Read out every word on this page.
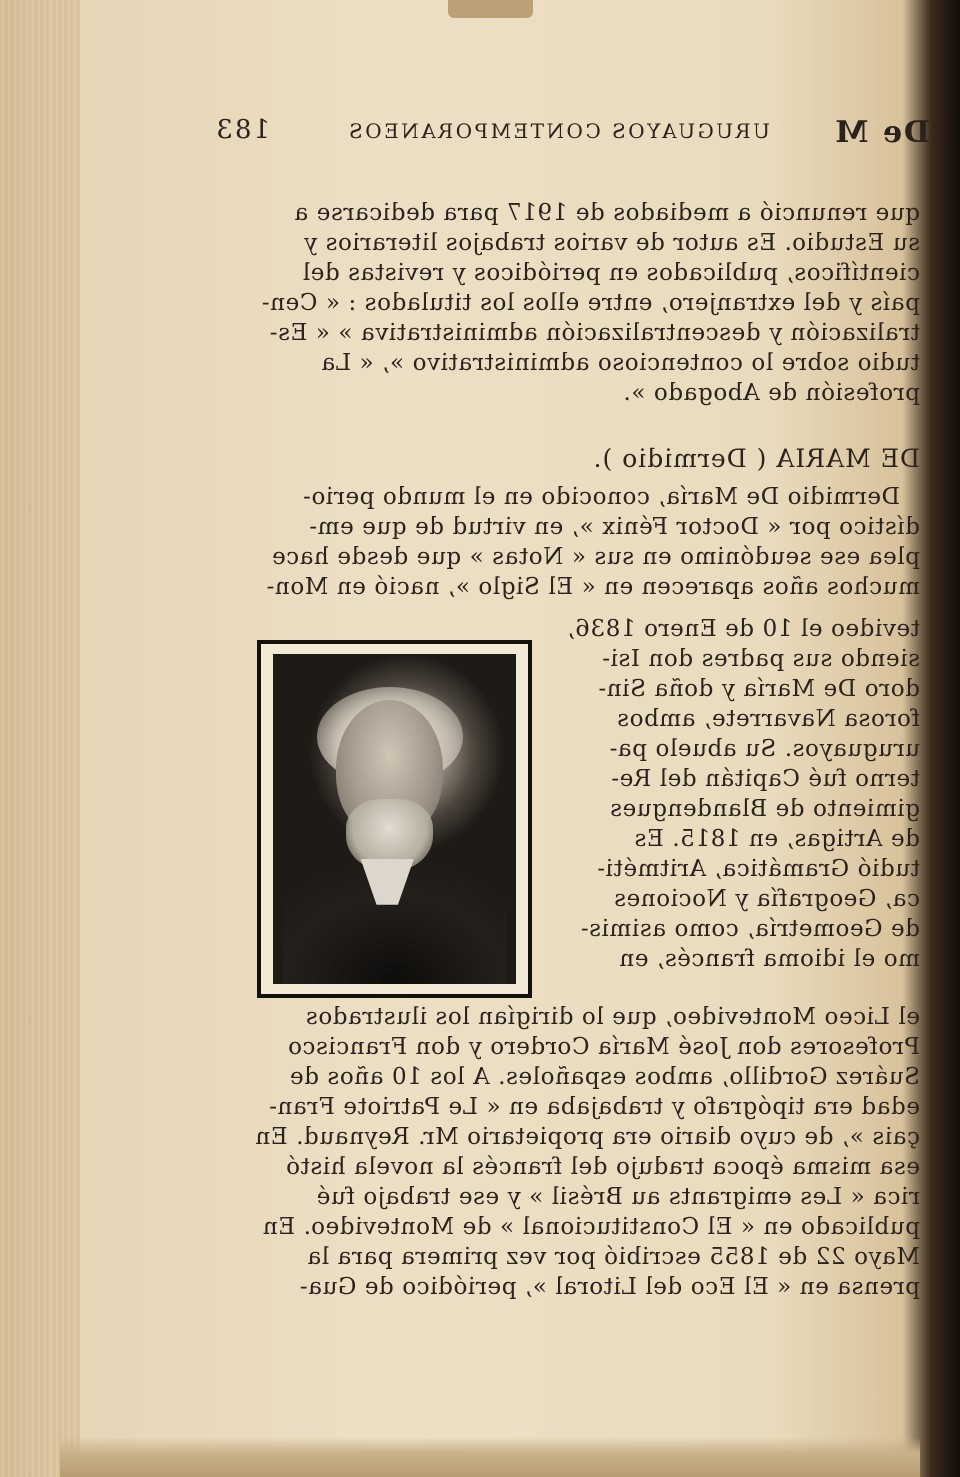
183	URUGUAYOS CONTEMPORANEOS De M
que renunció a mediados de 1917 para dedicarse a
su Estudio. Es autor de varios trabajos literarios y
científicos, publicados en periódicos y revistas del
país y del extranjero, entre ellos los titulados : « Cen-
tralización y descentralización administrativa » « Es-
tudio sobre lo contencioso administrativo », « La
profesión de Abogado ».
DE MARIA ( Dermidio ).
Dermidio De María, conocido en el mundo perio-
dístico por « Doctor Fénix », en virtud de que em-
plea ese seudónimo en sus « Notas » que desde hace
muchos años aparecen en « El Siglo », nació en Mon-
tevideo el 10 de Enero 1836,
siendo sus padres don Isi-
doro De María y doña Sin-
forosa Navarrete, ambos
uruguayos. Su abuelo pa-
terno fué Capitán del Re-
gimiento de Blandengues
de Artigas, en 1815. Es
tudió Gramática, Aritméti-
ca, Geografía y Nociones
de Geometría, como asimis-
mo el idioma francés, en
el Liceo Montevideo, que lo dirigían los ilustrados
Profesores don José María Cordero y don Francisco
Suárez Gordillo, ambos españoles. A los 10 años de
edad era tipógrafo y trabajaba en « Le Patriote Fran-
çais », de cuyo diario era propietario Mr. Reynaud. En
esa misma época tradujo del francés la novela histó
rica « Les emigrants au Brésil » y ese trabajo fué
publicado en « El Constitucional » de Montevideo. En
Mayo 22 de 1855 escribió por vez primera para la
prensa en « El Eco del Litoral », periódico de Gua-
